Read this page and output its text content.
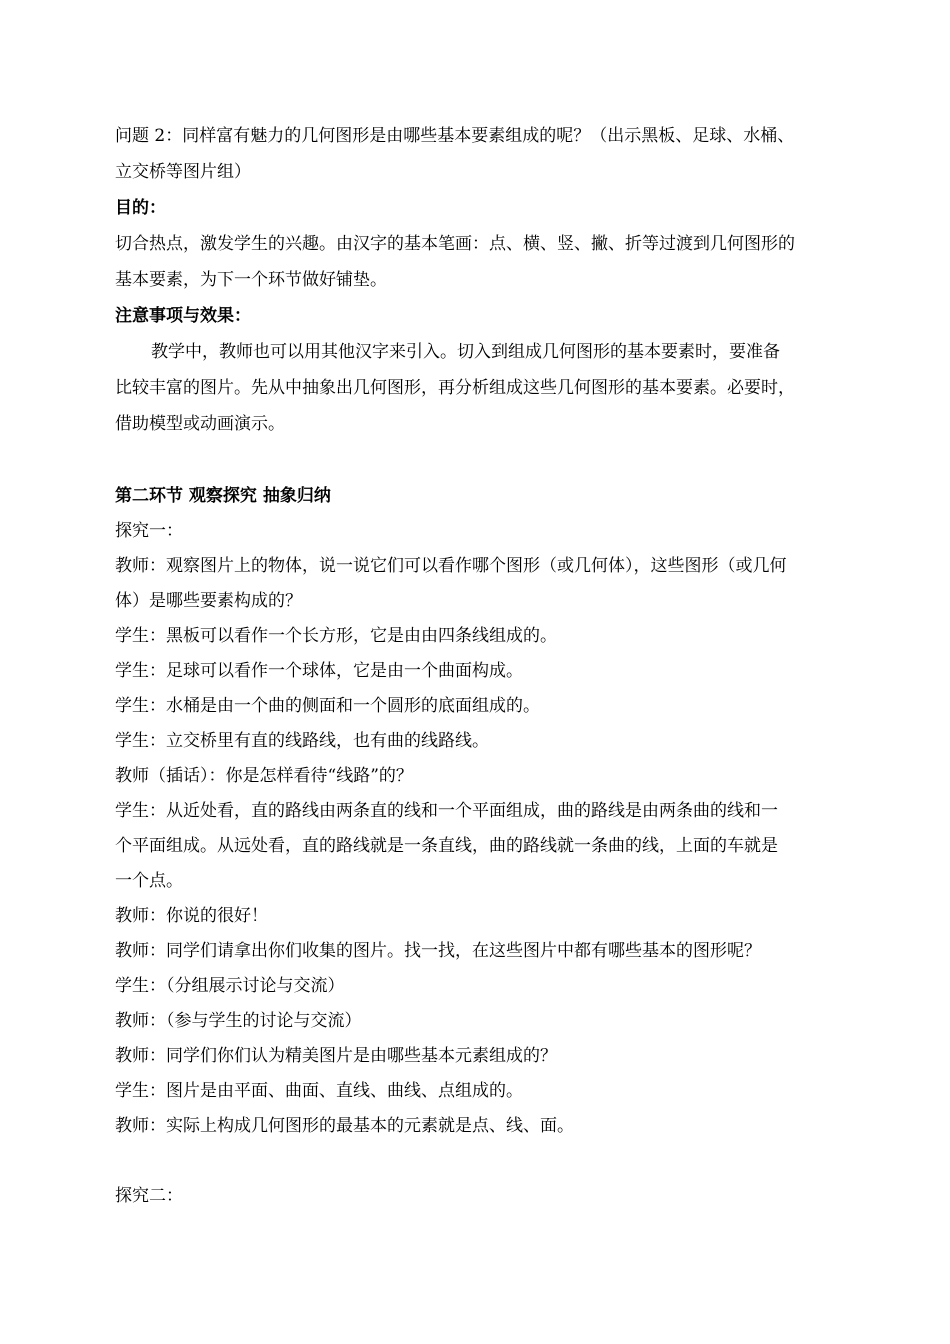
问题 2：同样富有魅力的几何图形是由哪些基本要素组成的呢？（出示黑板、足球、水桶、

立交桥等图片组）

目的：

切合热点，激发学生的兴趣。由汉字的基本笔画：点、横、竖、撇、折等过渡到几何图形的

基本要素，为下一个环节做好铺垫。

注意事项与效果：

教学中，教师也可以用其他汉字来引入。切入到组成几何图形的基本要素时，要准备

比较丰富的图片。先从中抽象出几何图形，再分析组成这些几何图形的基本要素。必要时，

借助模型或动画演示。

第二环节 观察探究 抽象归纳

探究一：

教师：观察图片上的物体，说一说它们可以看作哪个图形（或几何体），这些图形（或几何

体）是哪些要素构成的？

学生：黑板可以看作一个长方形，它是由由四条线组成的。

学生：足球可以看作一个球体，它是由一个曲面构成。

学生：水桶是由一个曲的侧面和一个圆形的底面组成的。

学生：立交桥里有直的线路线，也有曲的线路线。

教师（插话）：你是怎样看待“线路”的？

学生：从近处看，直的路线由两条直的线和一个平面组成，曲的路线是由两条曲的线和一

个平面组成。从远处看，直的路线就是一条直线，曲的路线就一条曲的线，上面的车就是

一个点。

教师：你说的很好！

教师：同学们请拿出你们收集的图片。找一找，在这些图片中都有哪些基本的图形呢？

学生：（分组展示讨论与交流）

教师：（参与学生的讨论与交流）

教师：同学们你们认为精美图片是由哪些基本元素组成的？

学生：图片是由平面、曲面、直线、曲线、点组成的。

教师：实际上构成几何图形的最基本的元素就是点、线、面。

探究二：
